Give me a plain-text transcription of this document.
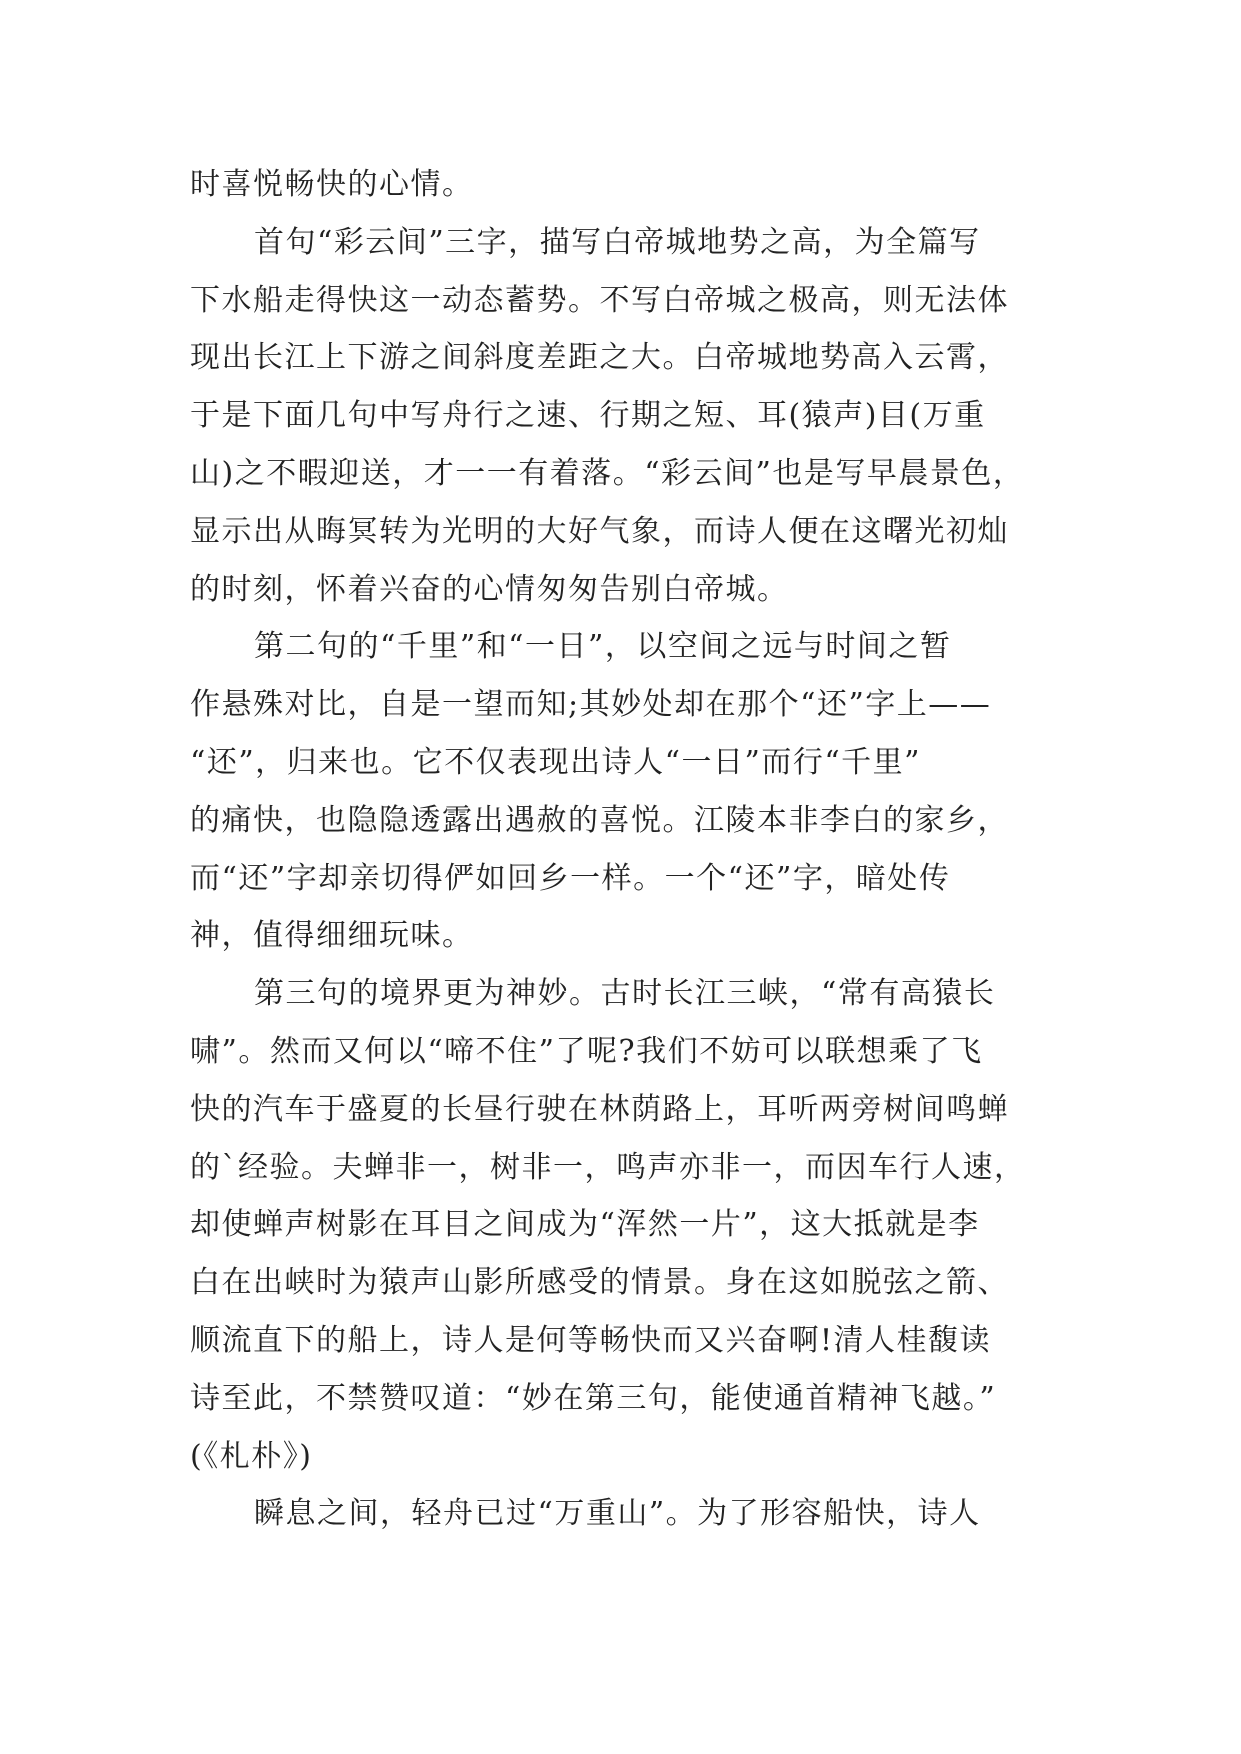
时喜悦畅快的心情。
首句“彩云间”三字，描写白帝城地势之高，为全篇写
下水船走得快这一动态蓄势。不写白帝城之极高，则无法体
现出长江上下游之间斜度差距之大。白帝城地势高入云霄，
于是下面几句中写舟行之速、行期之短、耳(猿声)目(万重
山)之不暇迎送，才一一有着落。“彩云间”也是写早晨景色，
显示出从晦冥转为光明的大好气象，而诗人便在这曙光初灿
的时刻，怀着兴奋的心情匆匆告别白帝城。
第二句的“千里”和“一日”，以空间之远与时间之暂
作悬殊对比，自是一望而知;其妙处却在那个“还”字上——
“还”，归来也。它不仅表现出诗人“一日”而行“千里”
的痛快，也隐隐透露出遇赦的喜悦。江陵本非李白的家乡，
而“还”字却亲切得俨如回乡一样。一个“还”字，暗处传
神，值得细细玩味。
第三句的境界更为神妙。古时长江三峡，“常有高猿长
啸”。然而又何以“啼不住”了呢?我们不妨可以联想乘了飞
快的汽车于盛夏的长昼行驶在林荫路上，耳听两旁树间鸣蝉
的`经验。夫蝉非一，树非一，鸣声亦非一，而因车行人速，
却使蝉声树影在耳目之间成为“浑然一片”，这大抵就是李
白在出峡时为猿声山影所感受的情景。身在这如脱弦之箭、
顺流直下的船上，诗人是何等畅快而又兴奋啊!清人桂馥读
诗至此，不禁赞叹道：“妙在第三句，能使通首精神飞越。”
(《札朴》)
瞬息之间，轻舟已过“万重山”。为了形容船快，诗人
